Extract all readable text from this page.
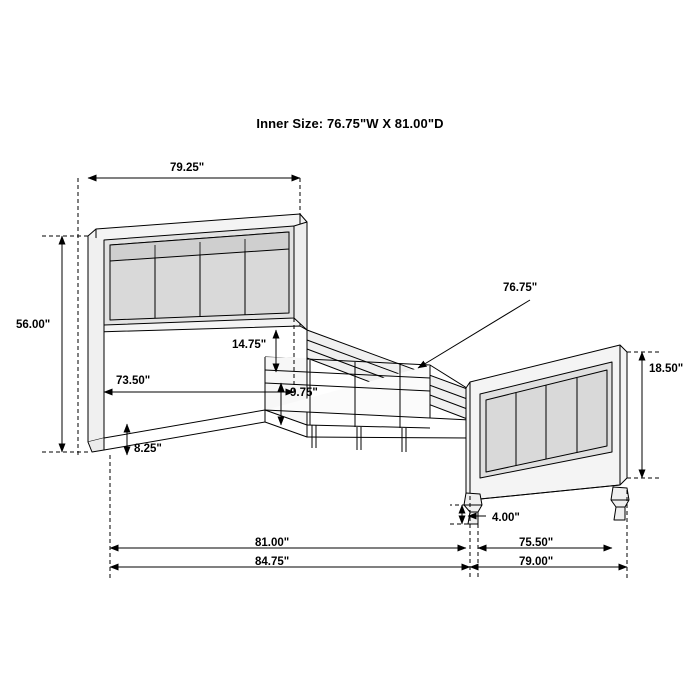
Inner Size: 76.75"W X 81.00"D
79.25"
56.00"
73.50"
14.75"
9.75"
8.25"
76.75"
18.50"
4.00"
81.00"
84.75"
75.50"
79.00"
